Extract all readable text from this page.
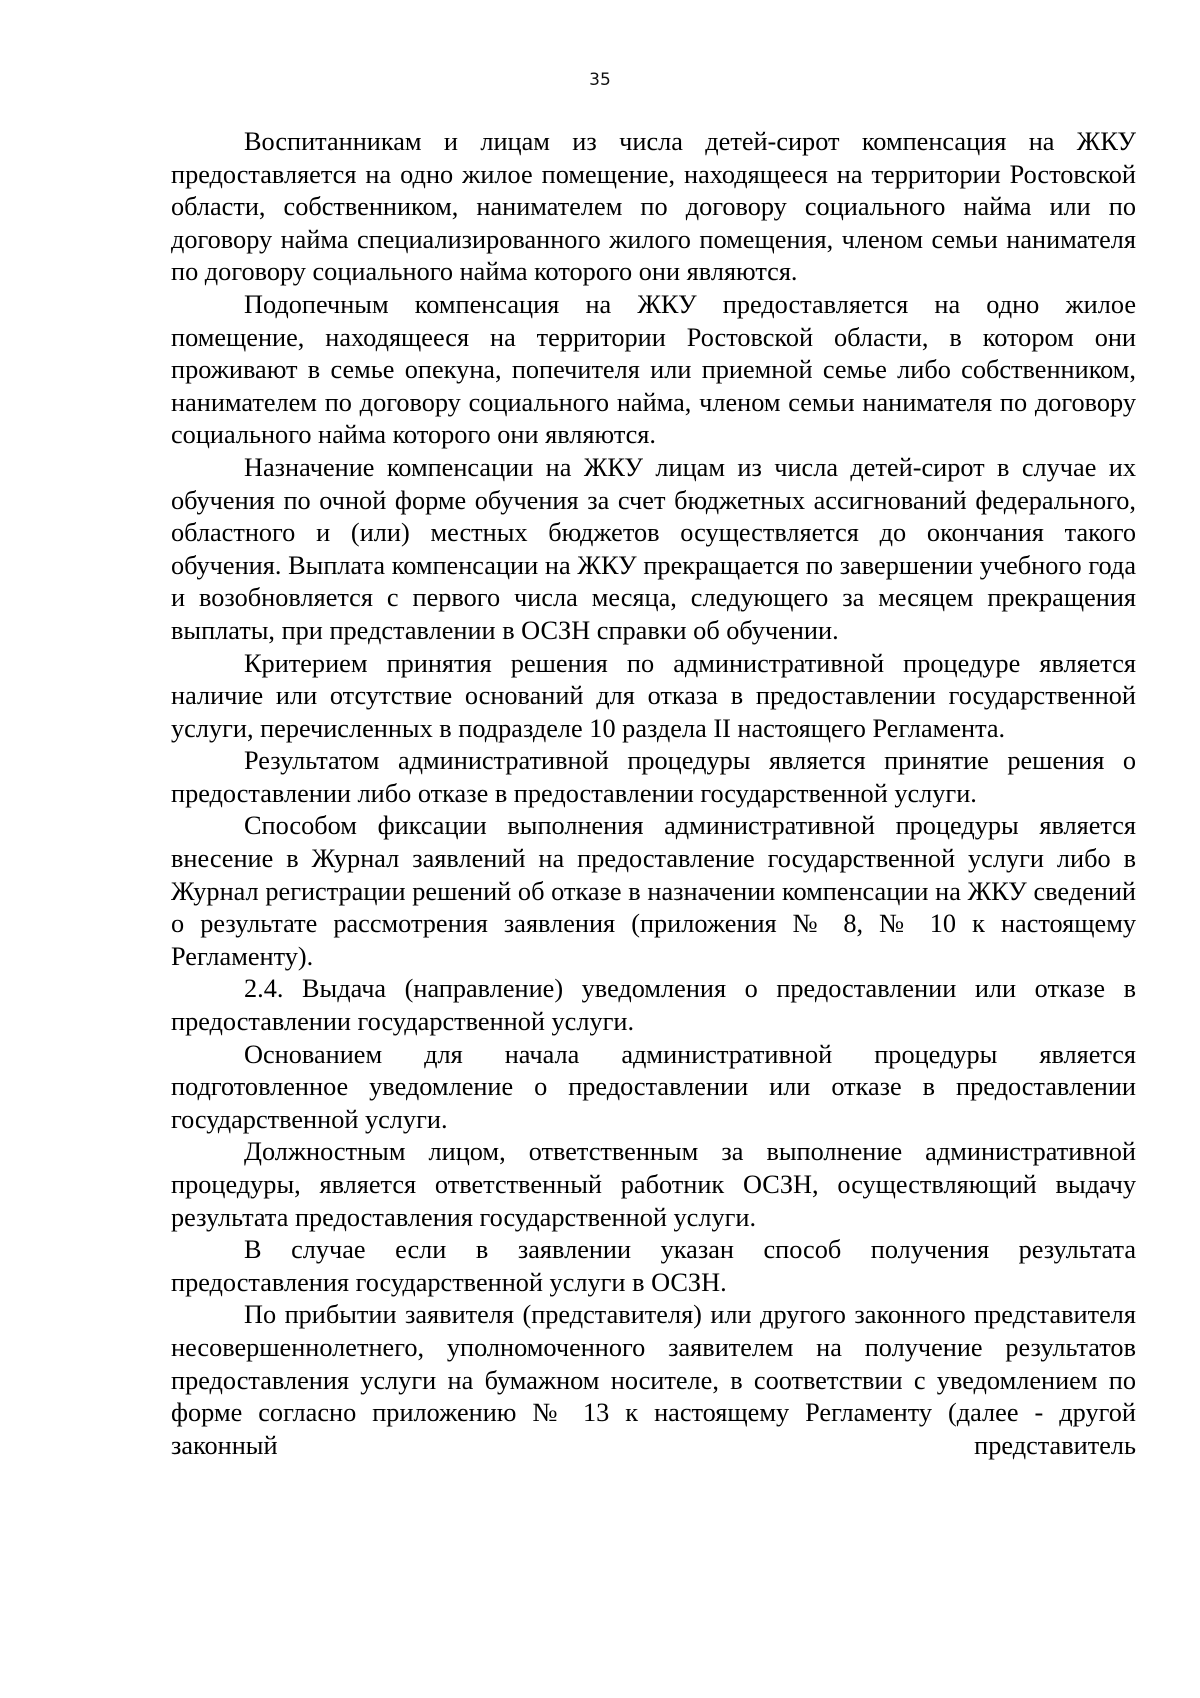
35

Воспитанникам и лицам из числа детей-сирот компенсация на ЖКУ предоставляется на одно жилое помещение, находящееся на территории Ростовской области, собственником, нанимателем по договору социального найма или по договору найма специализированного жилого помещения, членом семьи нанимателя по договору социального найма которого они являются.

Подопечным компенсация на ЖКУ предоставляется на одно жилое помещение, находящееся на территории Ростовской области, в котором они проживают в семье опекуна, попечителя или приемной семье либо собственником, нанимателем по договору социального найма, членом семьи нанимателя по договору социального найма которого они являются.

Назначение компенсации на ЖКУ лицам из числа детей-сирот в случае их обучения по очной форме обучения за счет бюджетных ассигнований федерального, областного и (или) местных бюджетов осуществляется до окончания такого обучения. Выплата компенсации на ЖКУ прекращается по завершении учебного года и возобновляется с первого числа месяца, следующего за месяцем прекращения выплаты, при представлении в ОСЗН справки об обучении.

Критерием принятия решения по административной процедуре является наличие или отсутствие оснований для отказа в предоставлении государственной услуги, перечисленных в подразделе 10 раздела II настоящего Регламента.

Результатом административной процедуры является принятие решения о предоставлении либо отказе в предоставлении государственной услуги.

Способом фиксации выполнения административной процедуры является внесение в Журнал заявлений на предоставление государственной услуги либо в Журнал регистрации решений об отказе в назначении компенсации на ЖКУ сведений о результате рассмотрения заявления (приложения № 8, № 10 к настоящему Регламенту).

2.4. Выдача (направление) уведомления о предоставлении или отказе в предоставлении государственной услуги.

Основанием для начала административной процедуры является подготовленное уведомление о предоставлении или отказе в предоставлении государственной услуги.

Должностным лицом, ответственным за выполнение административной процедуры, является ответственный работник ОСЗН, осуществляющий выдачу результата предоставления государственной услуги.

В случае если в заявлении указан способ получения результата предоставления государственной услуги в ОСЗН.

По прибытии заявителя (представителя) или другого законного представителя несовершеннолетнего, уполномоченного заявителем на получение результатов предоставления услуги на бумажном носителе, в соответствии с уведомлением по форме согласно приложению № 13 к настоящему Регламенту (далее - другой законный представитель
